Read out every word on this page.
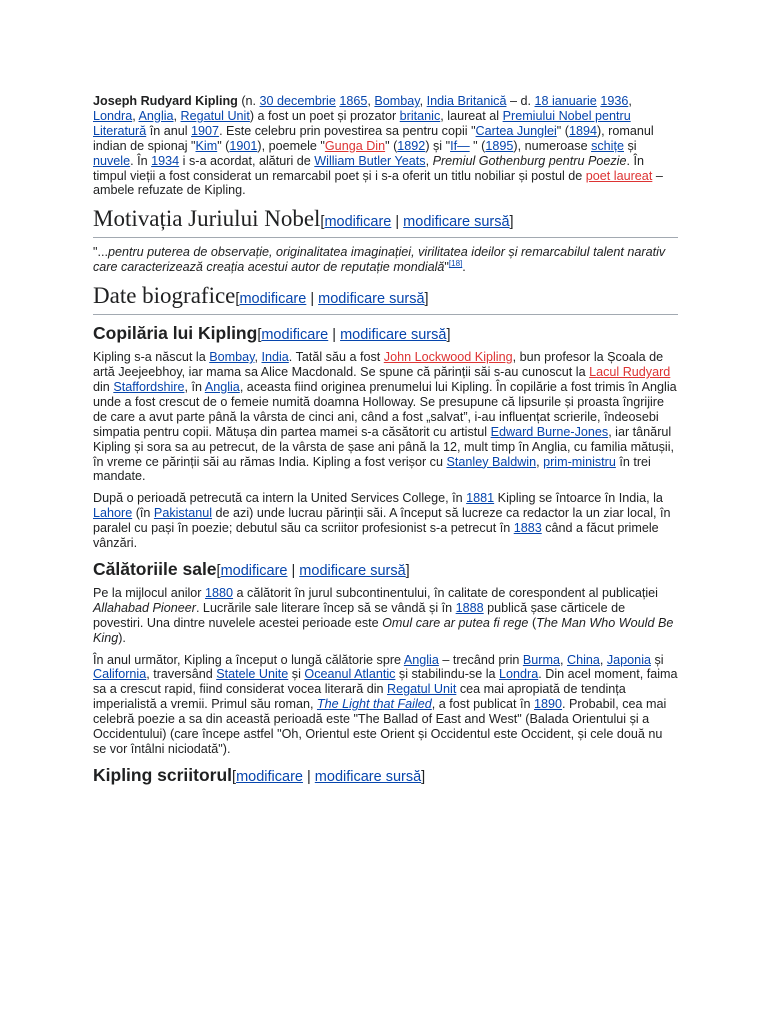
Joseph Rudyard Kipling (n. 30 decembrie 1865, Bombay, India Britanică – d. 18 ianuarie 1936, Londra, Anglia, Regatul Unit) a fost un poet și prozator britanic, laureat al Premiului Nobel pentru Literatură în anul 1907. Este celebru prin povestirea sa pentru copii "Cartea Junglei" (1894), romanul indian de spionaj "Kim" (1901), poemele "Gunga Din" (1892) și "If— " (1895), numeroase schițe și nuvele. În 1934 i s-a acordat, alături de William Butler Yeats, Premiul Gothenburg pentru Poezie. În timpul vieții a fost considerat un remarcabil poet și i s-a oferit un titlu nobiliar și postul de poet laureat – ambele refuzate de Kipling.

Motivația Juriului Nobel[modificare | modificare sursă]

"...pentru puterea de observație, originalitatea imaginației, virilitatea ideilor și remarcabilul talent narativ care caracterizează creația acestui autor de reputație mondială"[18].

Date biografice[modificare | modificare sursă]
Copilăria lui Kipling[modificare | modificare sursă]

Kipling s-a născut la Bombay, India. Tatăl său a fost John Lockwood Kipling, bun profesor la Școala de artă Jeejeebhoy, iar mama sa Alice Macdonald. Se spune că părinții săi s-au cunoscut la Lacul Rudyard din Staffordshire, în Anglia, aceasta fiind originea prenumelui lui Kipling. În copilărie a fost trimis în Anglia unde a fost crescut de o femeie numită doamna Holloway. Se presupune că lipsurile și proasta îngrijire de care a avut parte până la vârsta de cinci ani, când a fost „salvat”, i-au influențat scrierile, îndeosebi simpatia pentru copii. Mătușa din partea mamei s-a căsătorit cu artistul Edward Burne-Jones, iar tânărul Kipling și sora sa au petrecut, de la vârsta de șase ani până la 12, mult timp în Anglia, cu familia mătușii, în vreme ce părinții săi au rămas India. Kipling a fost verișor cu Stanley Baldwin, prim-ministru în trei mandate.

După o perioadă petrecută ca intern la United Services College, în 1881 Kipling se întoarce în India, la Lahore (în Pakistanul de azi) unde lucrau părinții săi. A început să lucreze ca redactor la un ziar local, în paralel cu pași în poezie; debutul său ca scriitor profesionist s-a petrecut în 1883 când a făcut primele vânzări.

Călătoriile sale[modificare | modificare sursă]

Pe la mijlocul anilor 1880 a călătorit în jurul subcontinentului, în calitate de corespondent al publicației Allahabad Pioneer. Lucrările sale literare încep să se vândă și în 1888 publică șase cărticele de povestiri. Una dintre nuvelele acestei perioade este Omul care ar putea fi rege (The Man Who Would Be King).

În anul următor, Kipling a început o lungă călătorie spre Anglia – trecând prin Burma, China, Japonia și California, traversând Statele Unite și Oceanul Atlantic și stabilindu-se la Londra. Din acel moment, faima sa a crescut rapid, fiind considerat vocea literară din Regatul Unit cea mai apropiată de tendința imperialistă a vremii. Primul său roman, The Light that Failed, a fost publicat în 1890. Probabil, cea mai celebră poezie a sa din această perioadă este "The Ballad of East and West" (Balada Orientului și a Occidentului) (care începe astfel "Oh, Orientul este Orient și Occidentul este Occident, și cele două nu se vor întâlni niciodată").

Kipling scriitorul[modificare | modificare sursă]
